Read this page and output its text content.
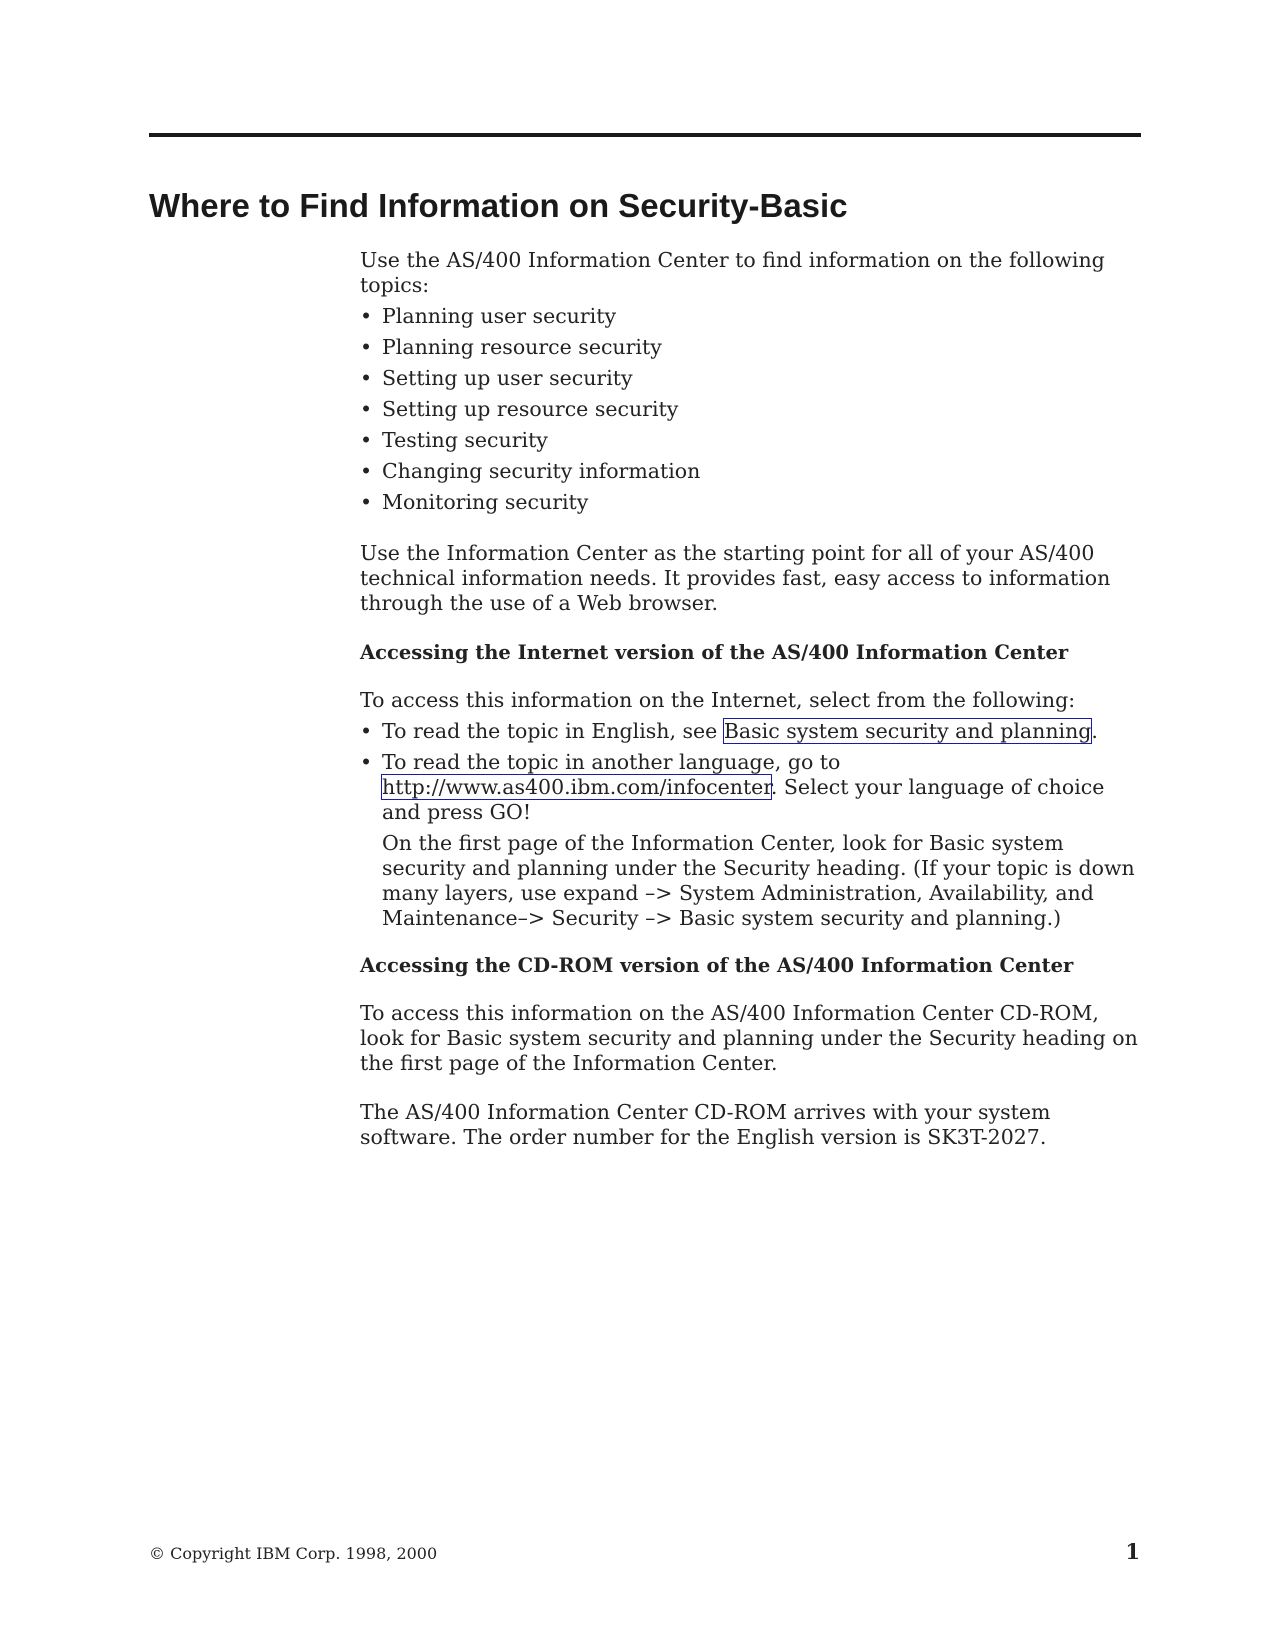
Where to Find Information on Security-Basic

Use the AS/400 Information Center to find information on the following topics:

• Planning user security
• Planning resource security
• Setting up user security
• Setting up resource security
• Testing security
• Changing security information
• Monitoring security

Use the Information Center as the starting point for all of your AS/400 technical information needs. It provides fast, easy access to information through the use of a Web browser.

Accessing the Internet version of the AS/400 Information Center

To access this information on the Internet, select from the following:

• To read the topic in English, see Basic system security and planning.
• To read the topic in another language, go to http://www.as400.ibm.com/infocenter. Select your language of choice and press GO!

On the first page of the Information Center, look for Basic system security and planning under the Security heading. (If your topic is down many layers, use expand –> System Administration, Availability, and Maintenance–> Security –> Basic system security and planning.)

Accessing the CD-ROM version of the AS/400 Information Center

To access this information on the AS/400 Information Center CD-ROM, look for Basic system security and planning under the Security heading on the first page of the Information Center.

The AS/400 Information Center CD-ROM arrives with your system software. The order number for the English version is SK3T-2027.

© Copyright IBM Corp. 1998, 2000	1
